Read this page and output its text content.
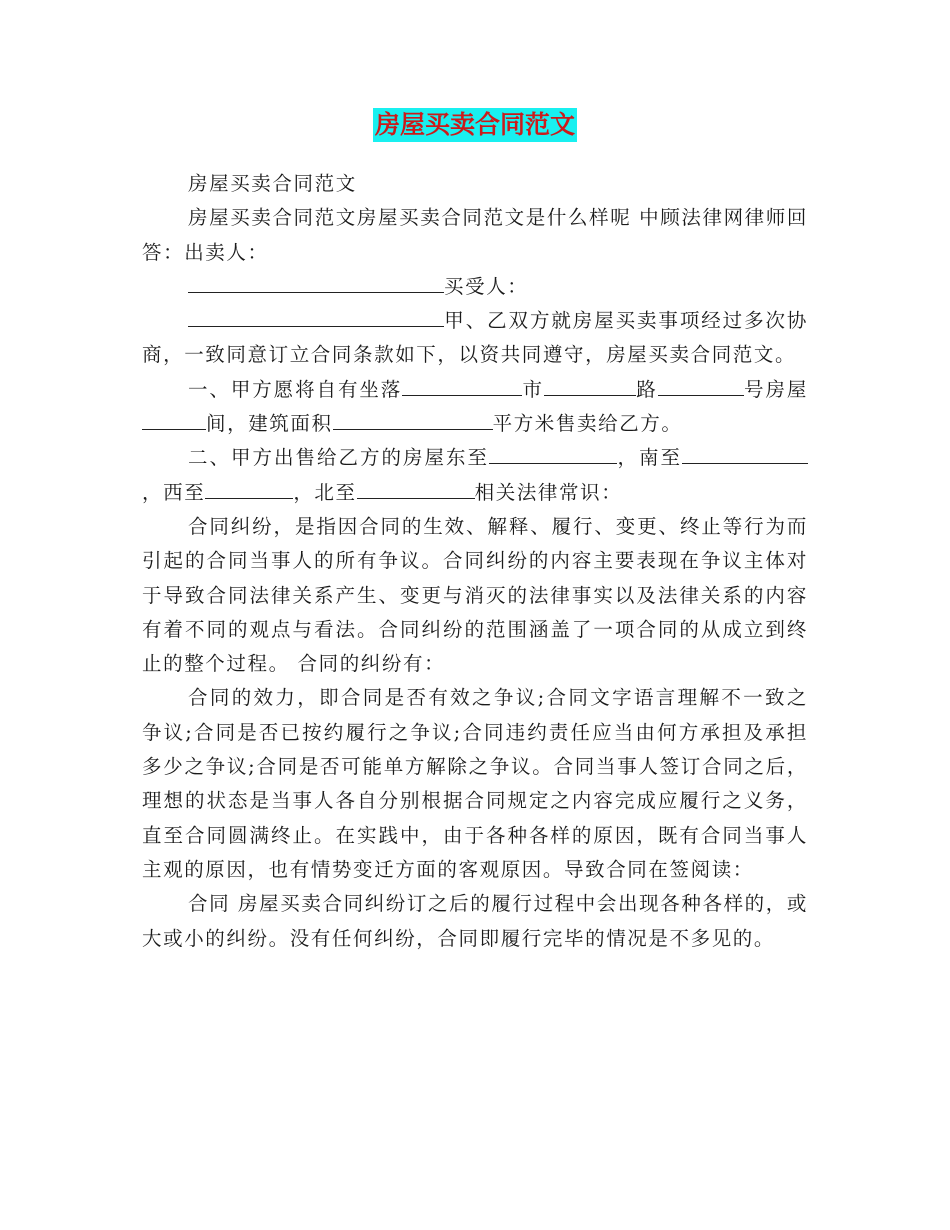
房屋买卖合同范文

房屋买卖合同范文

房屋买卖合同范文房屋买卖合同范文是什么样呢 中顾法律网律师回答：出卖人：

买受人：

甲、乙双方就房屋买卖事项经过多次协商，一致同意订立合同条款如下，以资共同遵守，房屋买卖合同范文。

一、甲方愿将自有坐落	市	路	号房屋间，建筑面积	平方米售卖给乙方。

二、甲方出售给乙方的房屋东至	，南至，西至	，北至	相关法律常识：

合同纠纷，是指因合同的生效、解释、履行、变更、终止等行为而引起的合同当事人的所有争议。合同纠纷的内容主要表现在争议主体对于导致合同法律关系产生、变更与消灭的法律事实以及法律关系的内容有着不同的观点与看法。合同纠纷的范围涵盖了一项合同的从成立到终止的整个过程。 合同的纠纷有：

合同的效力，即合同是否有效之争议;合同文字语言理解不一致之争议;合同是否已按约履行之争议;合同违约责任应当由何方承担及承担多少之争议;合同是否可能单方解除之争议。合同当事人签订合同之后，理想的状态是当事人各自分别根据合同规定之内容完成应履行之义务，直至合同圆满终止。在实践中，由于各种各样的原因，既有合同当事人主观的原因，也有情势变迁方面的客观原因。导致合同在签阅读：

合同 房屋买卖合同纠纷订之后的履行过程中会出现各种各样的，或大或小的纠纷。没有任何纠纷，合同即履行完毕的情况是不多见的。
